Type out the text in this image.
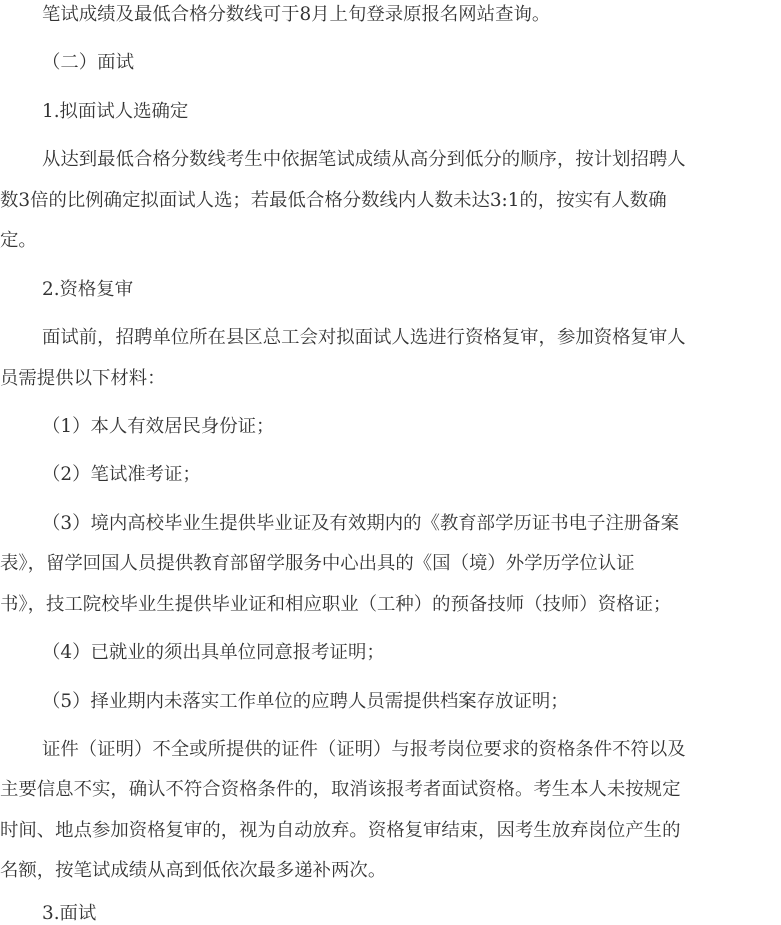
笔试成绩及最低合格分数线可于8月上旬登录原报名网站查询。
（二）面试
1.拟面试人选确定
从达到最低合格分数线考生中依据笔试成绩从高分到低分的顺序，按计划招聘人
数3倍的比例确定拟面试人选；若最低合格分数线内人数未达3:1的，按实有人数确
定。
2.资格复审
面试前，招聘单位所在县区总工会对拟面试人选进行资格复审，参加资格复审人
员需提供以下材料：
（1）本人有效居民身份证；
（2）笔试准考证；
（3）境内高校毕业生提供毕业证及有效期内的《教育部学历证书电子注册备案
表》，留学回国人员提供教育部留学服务中心出具的《国（境）外学历学位认证
书》，技工院校毕业生提供毕业证和相应职业（工种）的预备技师（技师）资格证；
（4）已就业的须出具单位同意报考证明；
（5）择业期内未落实工作单位的应聘人员需提供档案存放证明；
证件（证明）不全或所提供的证件（证明）与报考岗位要求的资格条件不符以及
主要信息不实，确认不符合资格条件的，取消该报考者面试资格。考生本人未按规定
时间、地点参加资格复审的，视为自动放弃。资格复审结束，因考生放弃岗位产生的
名额，按笔试成绩从高到低依次最多递补两次。
3.面试
